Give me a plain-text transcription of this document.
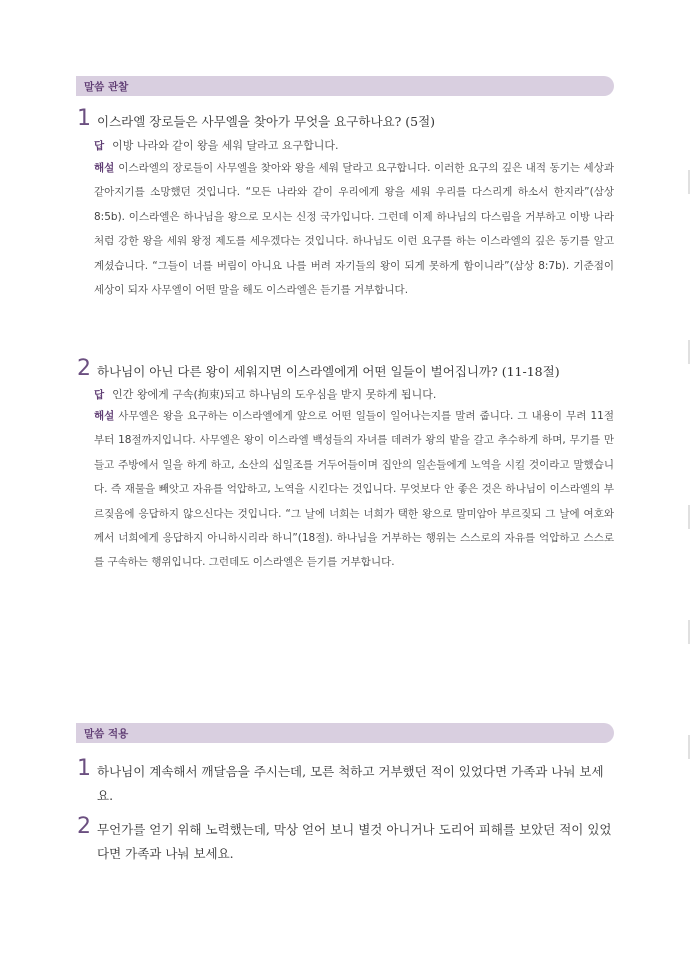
말씀 관찰
1 이스라엘 장로들은 사무엘을 찾아가 무엇을 요구하나요? (5절)
답 이방 나라와 같이 왕을 세워 달라고 요구합니다.
해설 이스라엘의 장로들이 사무엘을 찾아와 왕을 세워 달라고 요구합니다. 이러한 요구의 깊은 내적 동기는 세상과 같아지기를 소망했던 것입니다. “모든 나라와 같이 우리에게 왕을 세워 우리를 다스리게 하소서 한지라”(삼상 8:5b). 이스라엘은 하나님을 왕으로 모시는 신정 국가입니다. 그런데 이제 하나님의 다스림을 거부하고 이방 나라처럼 강한 왕을 세워 왕정 제도를 세우겠다는 것입니다. 하나님도 이런 요구를 하는 이스라엘의 깊은 동기를 알고 계셨습니다. “그들이 너를 버림이 아니요 나를 버려 자기들의 왕이 되게 못하게 함이니라”(삼상 8:7b). 기준점이 세상이 되자 사무엘이 어떤 말을 해도 이스라엘은 듣기를 거부합니다.
2 하나님이 아닌 다른 왕이 세워지면 이스라엘에게 어떤 일들이 벌어집니까? (11-18절)
답 인간 왕에게 구속(拘束)되고 하나님의 도우심을 받지 못하게 됩니다.
해설 사무엘은 왕을 요구하는 이스라엘에게 앞으로 어떤 일들이 일어나는지를 말려 줍니다. 그 내용이 무려 11절부터 18절까지입니다. 사무엘은 왕이 이스라엘 백성들의 자녀를 데려가 왕의 밭을 갈고 추수하게 하며, 무기를 만들고 주방에서 일을 하게 하고, 소산의 십일조를 거두어들이며 집안의 일손들에게 노역을 시킬 것이라고 말했습니다. 즉 재물을 빼앗고 자유를 억압하고, 노역을 시킨다는 것입니다. 무엇보다 안 좋은 것은 하나님이 이스라엘의 부르짖음에 응답하지 않으신다는 것입니다. “그 날에 너희는 너희가 택한 왕으로 말미암아 부르짖되 그 날에 여호와께서 너희에게 응답하지 아니하시리라 하니”(18절). 하나님을 거부하는 행위는 스스로의 자유를 억압하고 스스로를 구속하는 행위입니다. 그런데도 이스라엘은 듣기를 거부합니다.
말씀 적용
1 하나님이 계속해서 깨달음을 주시는데, 모른 척하고 거부했던 적이 있었다면 가족과 나눠 보세요.
2 무언가를 얻기 위해 노력했는데, 막상 얻어 보니 별것 아니거나 도리어 피해를 보았던 적이 있었다면 가족과 나눠 보세요.
